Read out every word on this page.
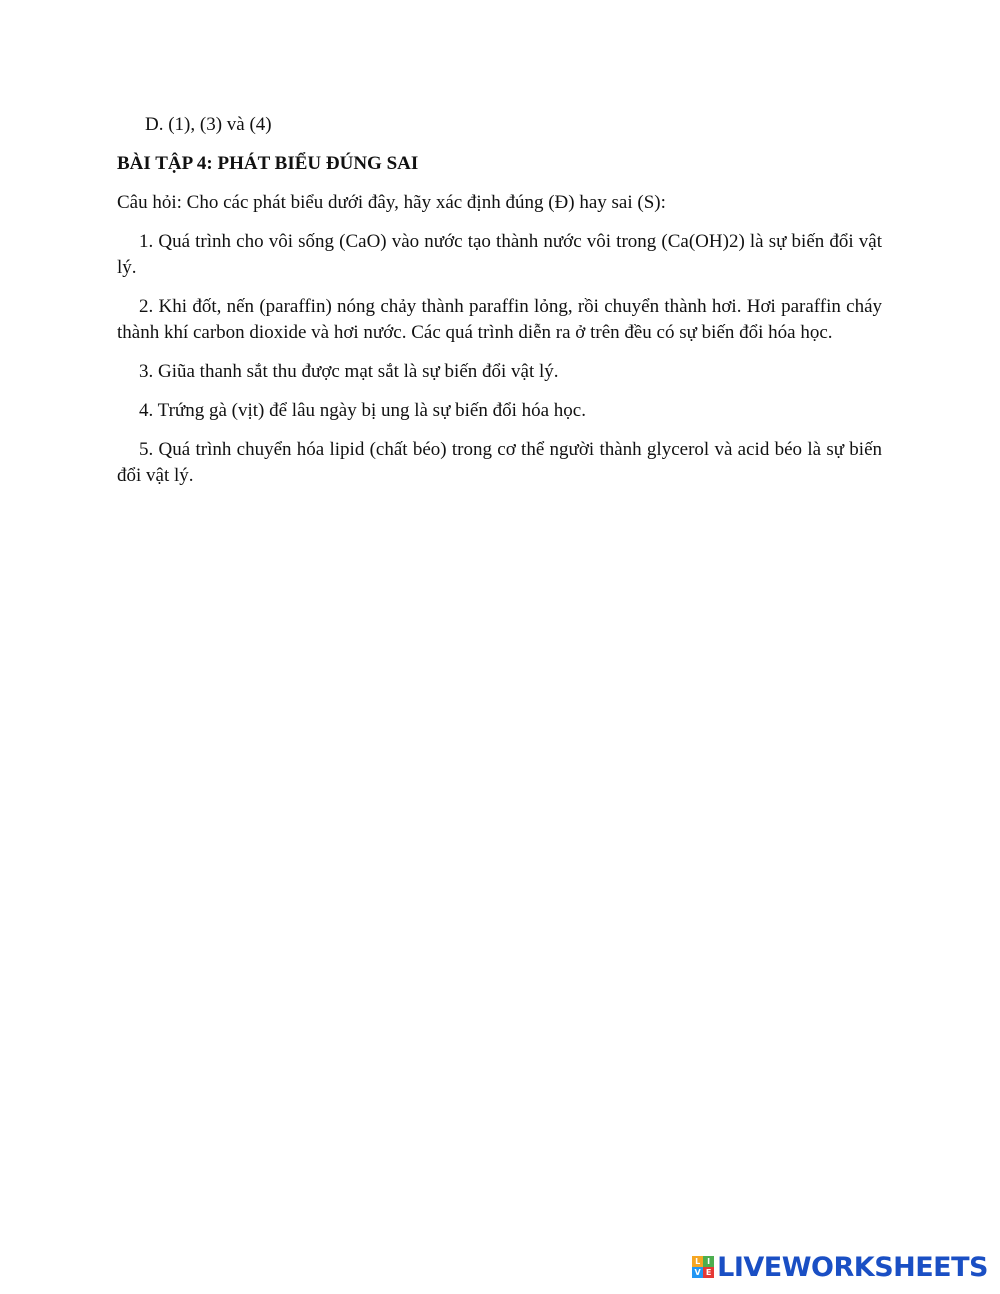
D. (1), (3) và (4)

BÀI TẬP 4: PHÁT BIỂU ĐÚNG SAI

Câu hỏi: Cho các phát biểu dưới đây, hãy xác định đúng (Đ) hay sai (S):

1. Quá trình cho vôi sống (CaO) vào nước tạo thành nước vôi trong (Ca(OH)2) là sự biến đổi vật lý.

2. Khi đốt, nến (paraffin) nóng chảy thành paraffin lỏng, rồi chuyển thành hơi. Hơi paraffin cháy thành khí carbon dioxide và hơi nước. Các quá trình diễn ra ở trên đều có sự biến đổi hóa học.

3. Giũa thanh sắt thu được mạt sắt là sự biến đổi vật lý.

4. Trứng gà (vịt) để lâu ngày bị ung là sự biến đổi hóa học.

5. Quá trình chuyển hóa lipid (chất béo) trong cơ thể người thành glycerol và acid béo là sự biến đổi vật lý.

L I
V E LIVEWORKSHEETS
